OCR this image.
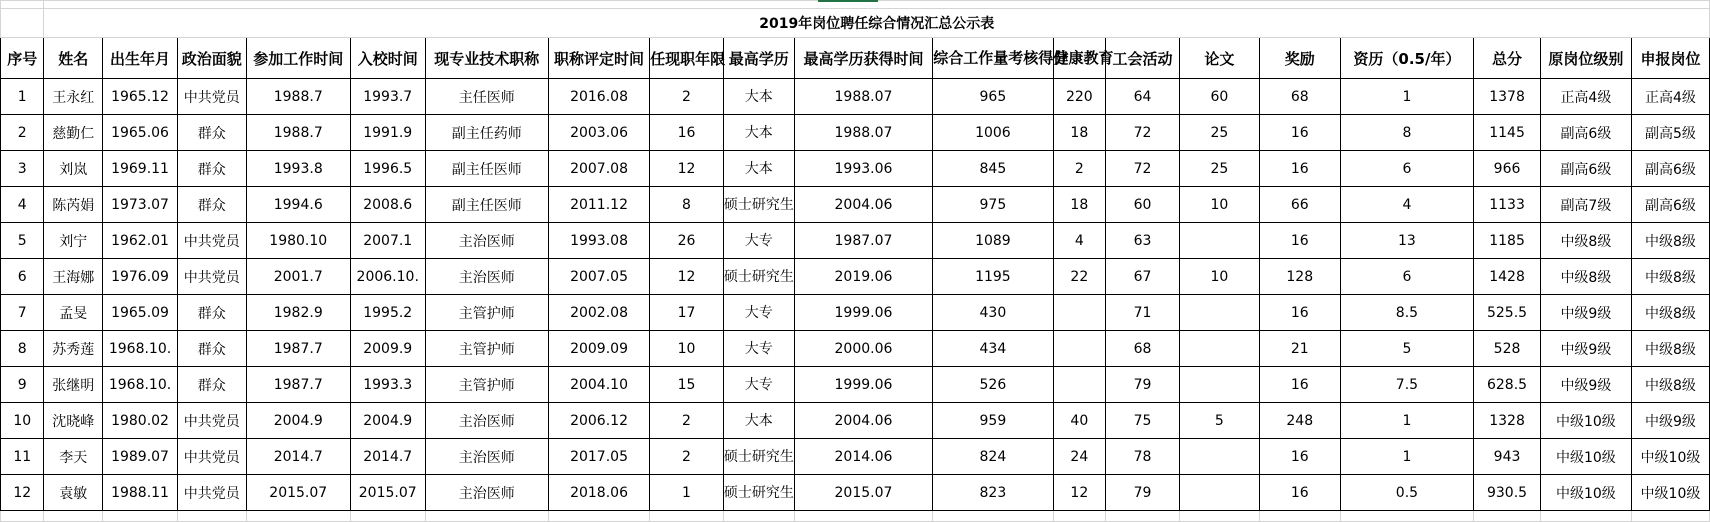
	2019年岗位聘任综合情况汇总公示表																		
序号	姓名	出生年月	政治面貌	参加工作时间	入校时间	现专业技术职称	职称评定时间	任现职年限	最高学历	最高学历获得时间	综合工作量考核得分	健康教育	工会活动	论文	奖励	资历（0.5/年）	总分	原岗位级别	申报岗位
1	王永红	1965.12	中共党员	1988.7	1993.7	主任医师	2016.08	2	大本	1988.07	965	220	64	60	68	1	1378	正高4级	正高4级
2	慈勤仁	1965.06	群众	1988.7	1991.9	副主任药师	2003.06	16	大本	1988.07	1006	18	72	25	16	8	1145	副高6级	副高5级
3	刘岚	1969.11	群众	1993.8	1996.5	副主任医师	2007.08	12	大本	1993.06	845	2	72	25	16	6	966	副高6级	副高6级
4	陈芮娟	1973.07	群众	1994.6	2008.6	副主任医师	2011.12	8	硕士研究生	2004.06	975	18	60	10	66	4	1133	副高7级	副高6级
5	刘宁	1962.01	中共党员	1980.10	2007.1	主治医师	1993.08	26	大专	1987.07	1089	4	63		16	13	1185	中级8级	中级8级
6	王海娜	1976.09	中共党员	2001.7	2006.10.	主治医师	2007.05	12	硕士研究生	2019.06	1195	22	67	10	128	6	1428	中级8级	中级8级
7	孟旻	1965.09	群众	1982.9	1995.2	主管护师	2002.08	17	大专	1999.06	430		71		16	8.5	525.5	中级9级	中级8级
8	苏秀莲	1968.10.	群众	1987.7	2009.9	主管护师	2009.09	10	大专	2000.06	434		68		21	5	528	中级9级	中级8级
9	张继明	1968.10.	群众	1987.7	1993.3	主管护师	2004.10	15	大专	1999.06	526		79		16	7.5	628.5	中级9级	中级8级
10	沈晓峰	1980.02	中共党员	2004.9	2004.9	主治医师	2006.12	2	大本	2004.06	959	40	75	5	248	1	1328	中级10级	中级9级
11	李天	1989.07	中共党员	2014.7	2014.7	主治医师	2017.05	2	硕士研究生	2014.06	824	24	78		16	1	943	中级10级	中级10级
12	袁敏	1988.11	中共党员	2015.07	2015.07	主治医师	2018.06	1	硕士研究生	2015.07	823	12	79		16	0.5	930.5	中级10级	中级10级
